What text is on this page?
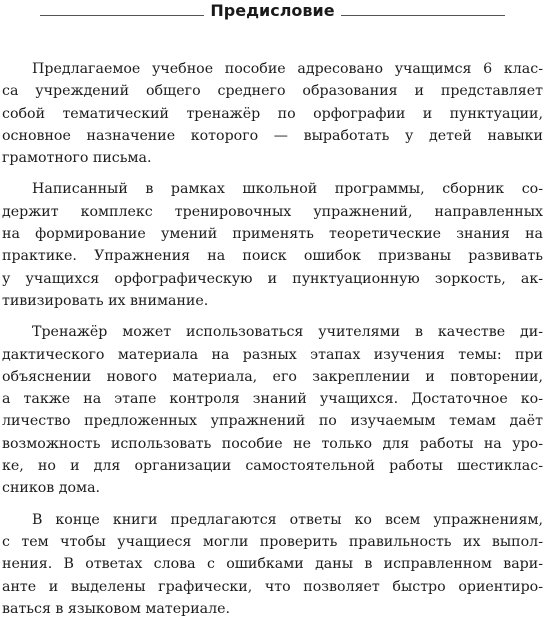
Предисловие
Предлагаемое учебное пособие адресовано учащимся 6 клас-
са учреждений общего среднего образования и представляет
собой тематический тренажёр по орфографии и пунктуации,
основное назначение которого — выработать у детей навыки
грамотного письма.
Написанный в рамках школьной программы, сборник со-
держит комплекс тренировочных упражнений, направленных
на формирование умений применять теоретические знания на
практике. Упражнения на поиск ошибок призваны развивать
у учащихся орфографическую и пунктуационную зоркость, ак-
тивизировать их внимание.
Тренажёр может использоваться учителями в качестве ди-
дактического материала на разных этапах изучения темы: при
объяснении нового материала, его закреплении и повторении,
а также на этапе контроля знаний учащихся. Достаточное ко-
личество предложенных упражнений по изучаемым темам даёт
возможность использовать пособие не только для работы на уро-
ке, но и для организации самостоятельной работы шестиклас-
сников дома.
В конце книги предлагаются ответы ко всем упражнениям,
с тем чтобы учащиеся могли проверить правильность их выпол-
нения. В ответах слова с ошибками даны в исправленном вари-
анте и выделены графически, что позволяет быстро ориентиро-
ваться в языковом материале.
